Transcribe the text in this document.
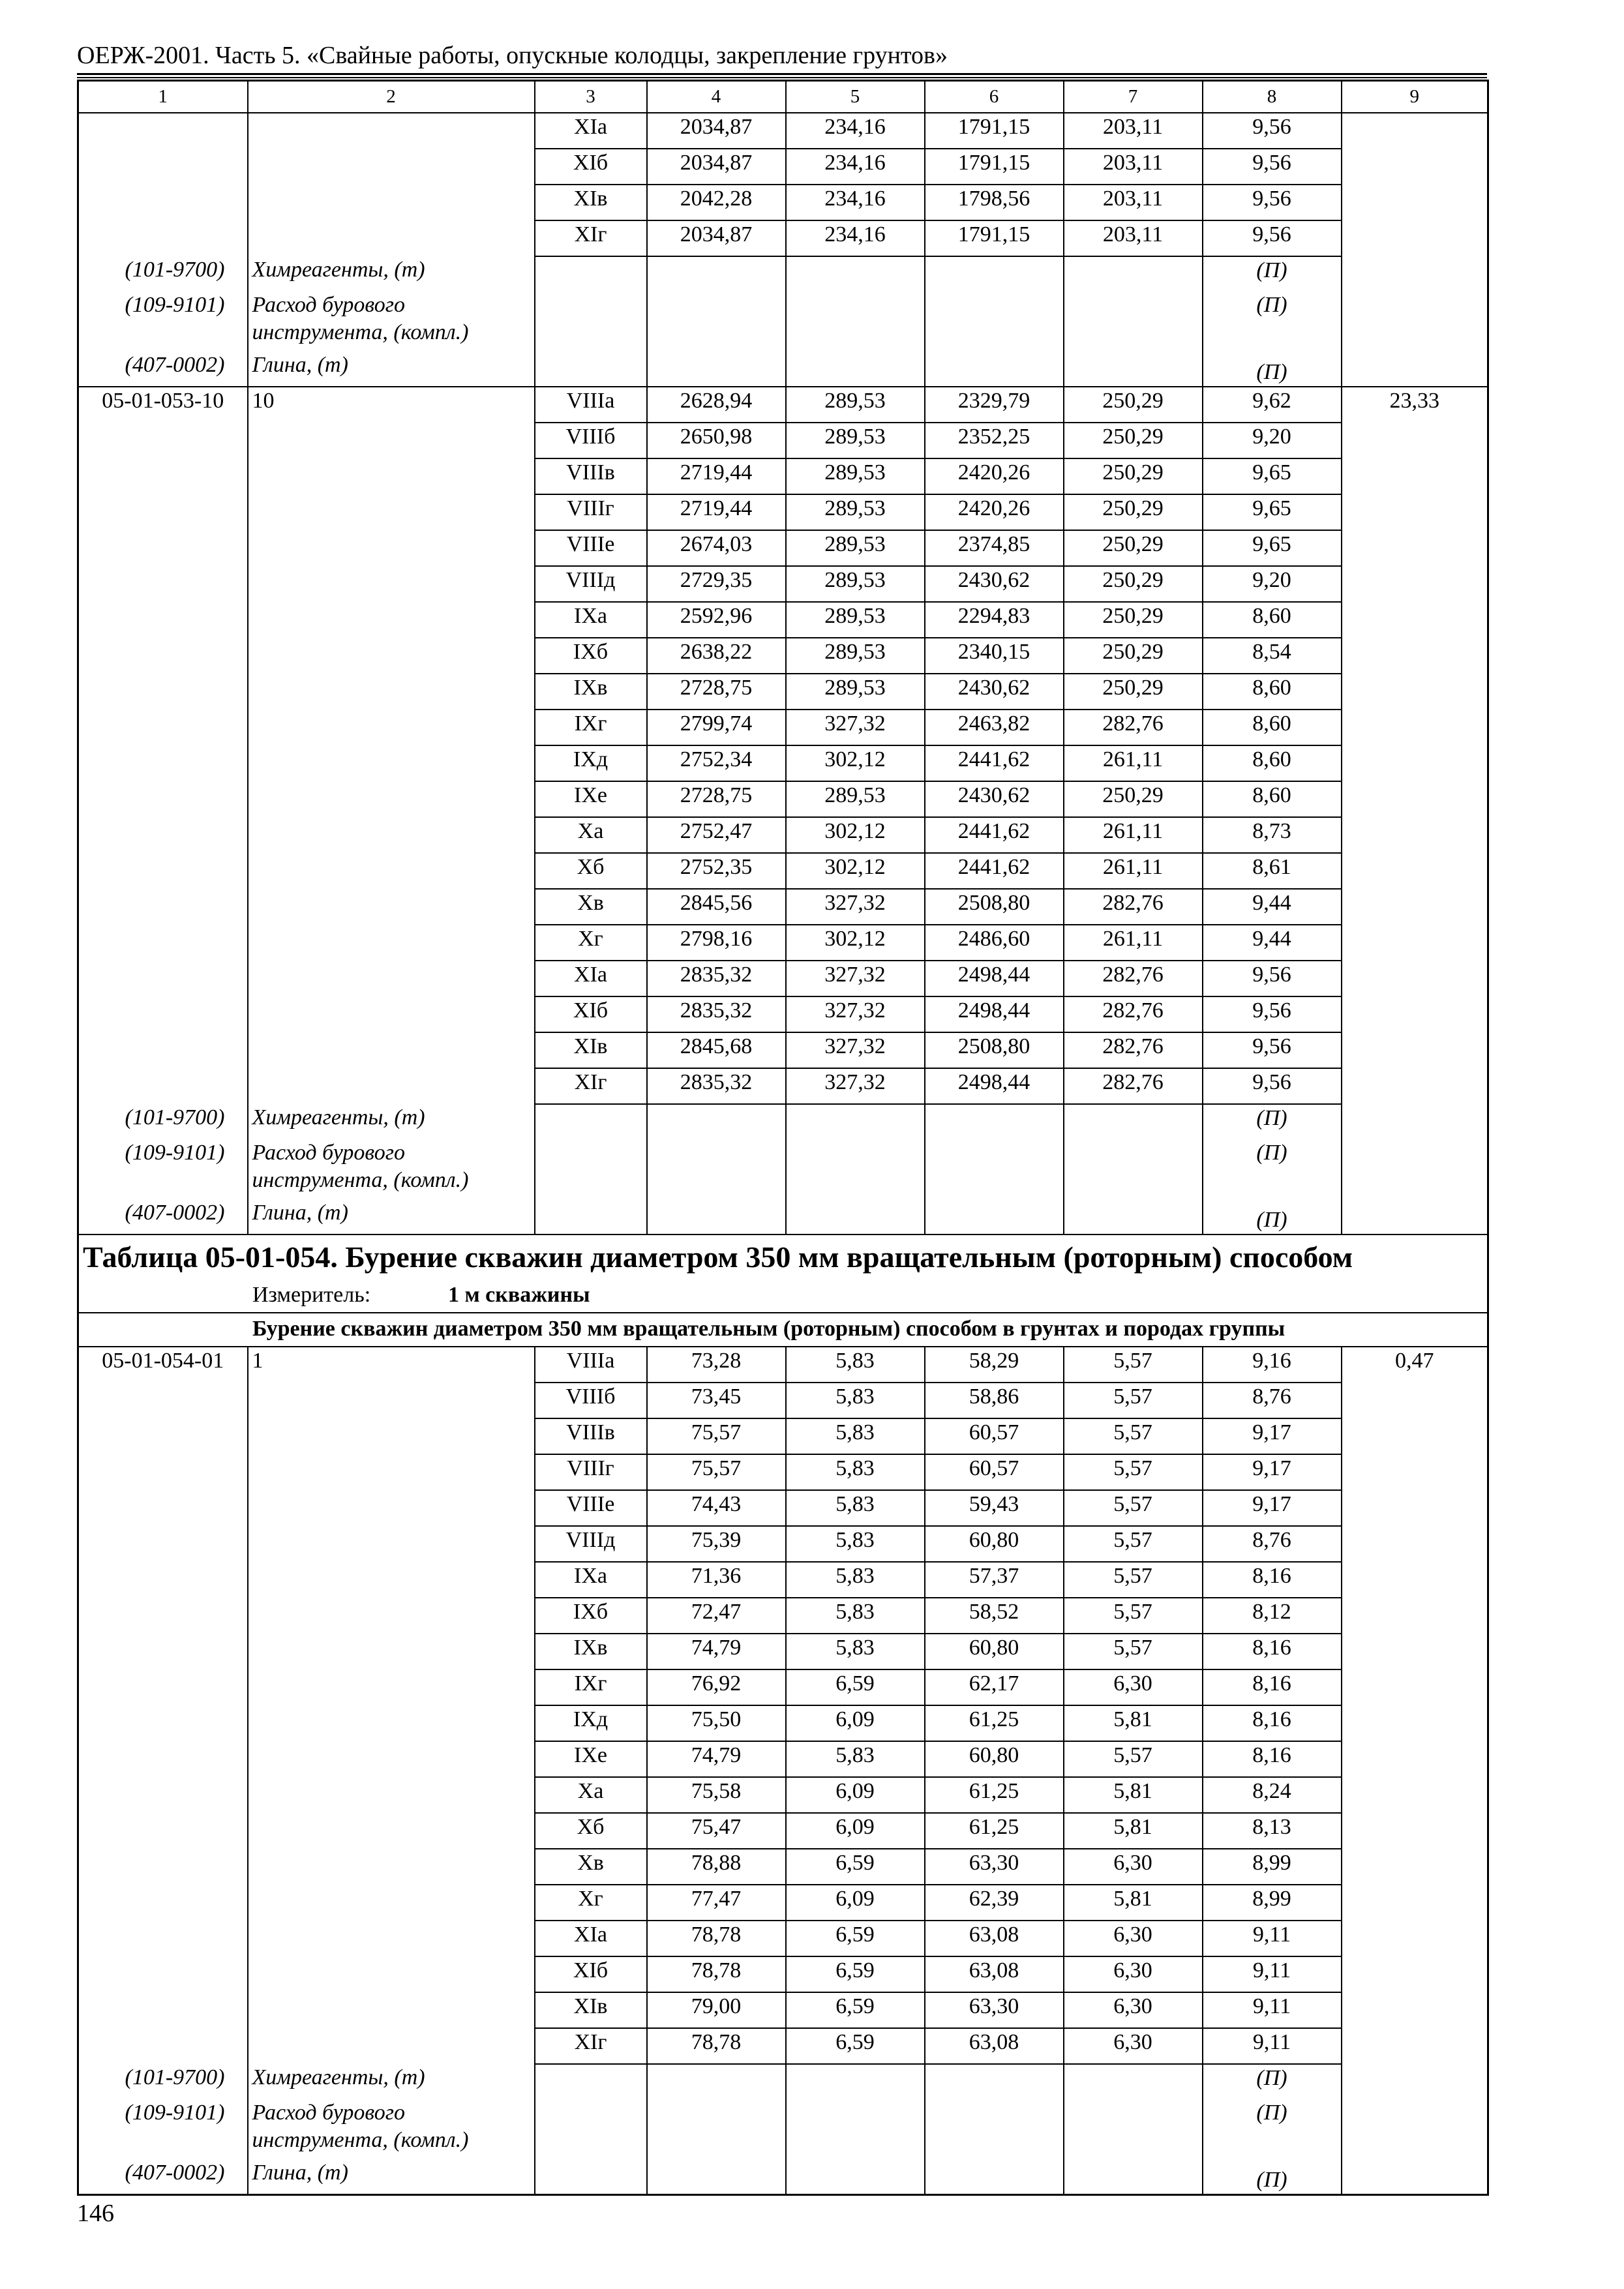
ОЕРЖ-2001. Часть 5. «Свайные работы, опускные колодцы, закрепление грунтов»
1	2	3	4	5	6	7	8	9
		XIа	2034,87	234,16	1791,15	203,11	9,56	
		XIб	2034,87	234,16	1791,15	203,11	9,56	
		XIв	2042,28	234,16	1798,56	203,11	9,56	
		XIг	2034,87	234,16	1791,15	203,11	9,56	
(101-9700)	Химреагенты, (т)						(П)	
(109-9101)	Расход бурового инструмента, (компл.)						(П)	
(407-0002)	Глина, (т)						(П)	
05-01-053-10	10	VIIIа	2628,94	289,53	2329,79	250,29	9,62	23,33
		VIIIб	2650,98	289,53	2352,25	250,29	9,20	
		VIIIв	2719,44	289,53	2420,26	250,29	9,65	
		VIIIг	2719,44	289,53	2420,26	250,29	9,65	
		VIIIе	2674,03	289,53	2374,85	250,29	9,65	
		VIIIд	2729,35	289,53	2430,62	250,29	9,20	
		IXа	2592,96	289,53	2294,83	250,29	8,60	
		IXб	2638,22	289,53	2340,15	250,29	8,54	
		IXв	2728,75	289,53	2430,62	250,29	8,60	
		IXг	2799,74	327,32	2463,82	282,76	8,60	
		IXд	2752,34	302,12	2441,62	261,11	8,60	
		IXе	2728,75	289,53	2430,62	250,29	8,60	
		Xа	2752,47	302,12	2441,62	261,11	8,73	
		Xб	2752,35	302,12	2441,62	261,11	8,61	
		Xв	2845,56	327,32	2508,80	282,76	9,44	
		Xг	2798,16	302,12	2486,60	261,11	9,44	
		XIа	2835,32	327,32	2498,44	282,76	9,56	
		XIб	2835,32	327,32	2498,44	282,76	9,56	
		XIв	2845,68	327,32	2508,80	282,76	9,56	
		XIг	2835,32	327,32	2498,44	282,76	9,56	
(101-9700)	Химреагенты, (т)						(П)	
(109-9101)	Расход бурового инструмента, (компл.)						(П)	
(407-0002)	Глина, (т)						(П)	

Таблица 05-01-054. Бурение скважин диаметром 350 мм вращательным (роторным) способом
Измеритель: 1 м скважины								

Бурение скважин диаметром 350 мм вращательным (роторным) способом в грунтах и породах группы								
05-01-054-01	1	VIIIа	73,28	5,83	58,29	5,57	9,16	0,47
		VIIIб	73,45	5,83	58,86	5,57	8,76	
		VIIIв	75,57	5,83	60,57	5,57	9,17	
		VIIIг	75,57	5,83	60,57	5,57	9,17	
		VIIIе	74,43	5,83	59,43	5,57	9,17	
		VIIIд	75,39	5,83	60,80	5,57	8,76	
		IXа	71,36	5,83	57,37	5,57	8,16	
		IXб	72,47	5,83	58,52	5,57	8,12	
		IXв	74,79	5,83	60,80	5,57	8,16	
		IXг	76,92	6,59	62,17	6,30	8,16	
		IXд	75,50	6,09	61,25	5,81	8,16	
		IXе	74,79	5,83	60,80	5,57	8,16	
		Xа	75,58	6,09	61,25	5,81	8,24	
		Xб	75,47	6,09	61,25	5,81	8,13	
		Xв	78,88	6,59	63,30	6,30	8,99	
		Xг	77,47	6,09	62,39	5,81	8,99	
		XIа	78,78	6,59	63,08	6,30	9,11	
		XIб	78,78	6,59	63,08	6,30	9,11	
		XIв	79,00	6,59	63,30	6,30	9,11	
		XIг	78,78	6,59	63,08	6,30	9,11	
(101-9700)	Химреагенты, (т)						(П)	
(109-9101)	Расход бурового инструмента, (компл.)						(П)	
(407-0002)	Глина, (т)						(П)	
146
